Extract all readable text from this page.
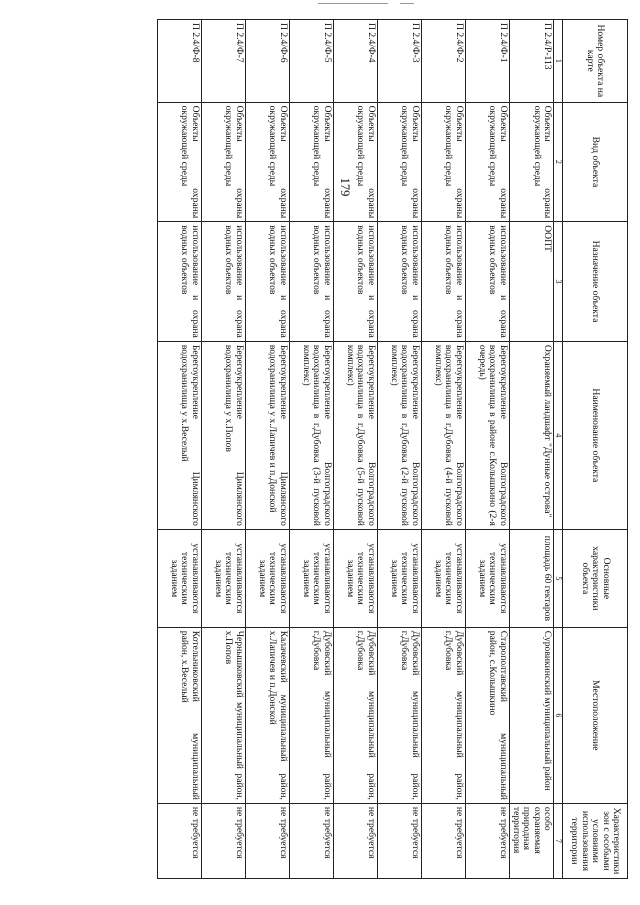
179
Номер объекта на карте	Вид объекта	Назначение объекта	Наименование объекта	Основные характеристики объекта	Местоположение	Характеристики зон с особыми условиями использования территории
1	2	3	4	5	6	7
П 2.4/Р-113	Объекты охраны окружающей среды	ООПТ	Охраняемый ландшафт "Дунные острова"	площадь 60 гектаров	Суровикинский муниципальный район	особо охраняемая природная территория
П 2.4/Ф-1	Объекты охраны окружающей среды	использование и охрана водных объектов	Берегоукрепление Волгоградского водохранилища в районе с.Колышкино (2-я очередь)	устанавливаются техническим заданием	Старополтавский муниципальный район, с.Колышкино	не требуется
П 2.4/Ф-2	Объекты охраны окружающей среды	использование и охрана водных объектов	Берегоукрепление Волгоградского водохранилища в г.Дубовка (4-й пусковой комплекс)	устанавливаются техническим заданием	Дубовский муниципальный район, г.Дубовка	не требуется
П 2.4/Ф-3	Объекты охраны окружающей среды	использование и охрана водных объектов	Берегоукрепление Волгоградского водохранилища в г.Дубовка (2-й пусковой комплекс)	устанавливаются техническим заданием	Дубовский муниципальный район, г.Дубовка	не требуется
П 2.4/Ф-4	Объекты охраны окружающей среды	использование и охрана водных объектов	Берегоукрепление Волгоградского водохранилища в г.Дубовка (5-й пусковой комплекс)	устанавливаются техническим заданием	Дубовский муниципальный район, г.Дубовка	не требуется
П 2.4/Ф-5	Объекты охраны окружающей среды	использование и охрана водных объектов	Берегоукрепление Волгоградского водохранилища в г.Дубовка (3-й пусковой комплекс)	устанавливаются техническим заданием	Дубовский муниципальный район, г.Дубовка	не требуется
П 2.4/Ф-6	Объекты охраны окружающей среды	использование и охрана водных объектов	Берегоукрепление Цимлянского водохранилища у х.Лапичев и п.Донской	устанавливаются техническим заданием	Калачевский муниципальный район, х.Лапичев и п.Донской	не требуется
П 2.4/Ф-7	Объекты охраны окружающей среды	использование и охрана водных объектов	Берегоукрепление Цимлянского водохранилища у х.Попов	устанавливаются техническим заданием	Чернышковский муниципальный район, х.Попов	не требуется
П 2.4/Ф-8	Объекты охраны окружающей среды	использование и охрана водных объектов	Берегоукрепление Цимлянского водохранилища у х.Веселый	устанавливаются техническим заданием	Котельниковский муниципальный район, х.Веселый	не требуется
